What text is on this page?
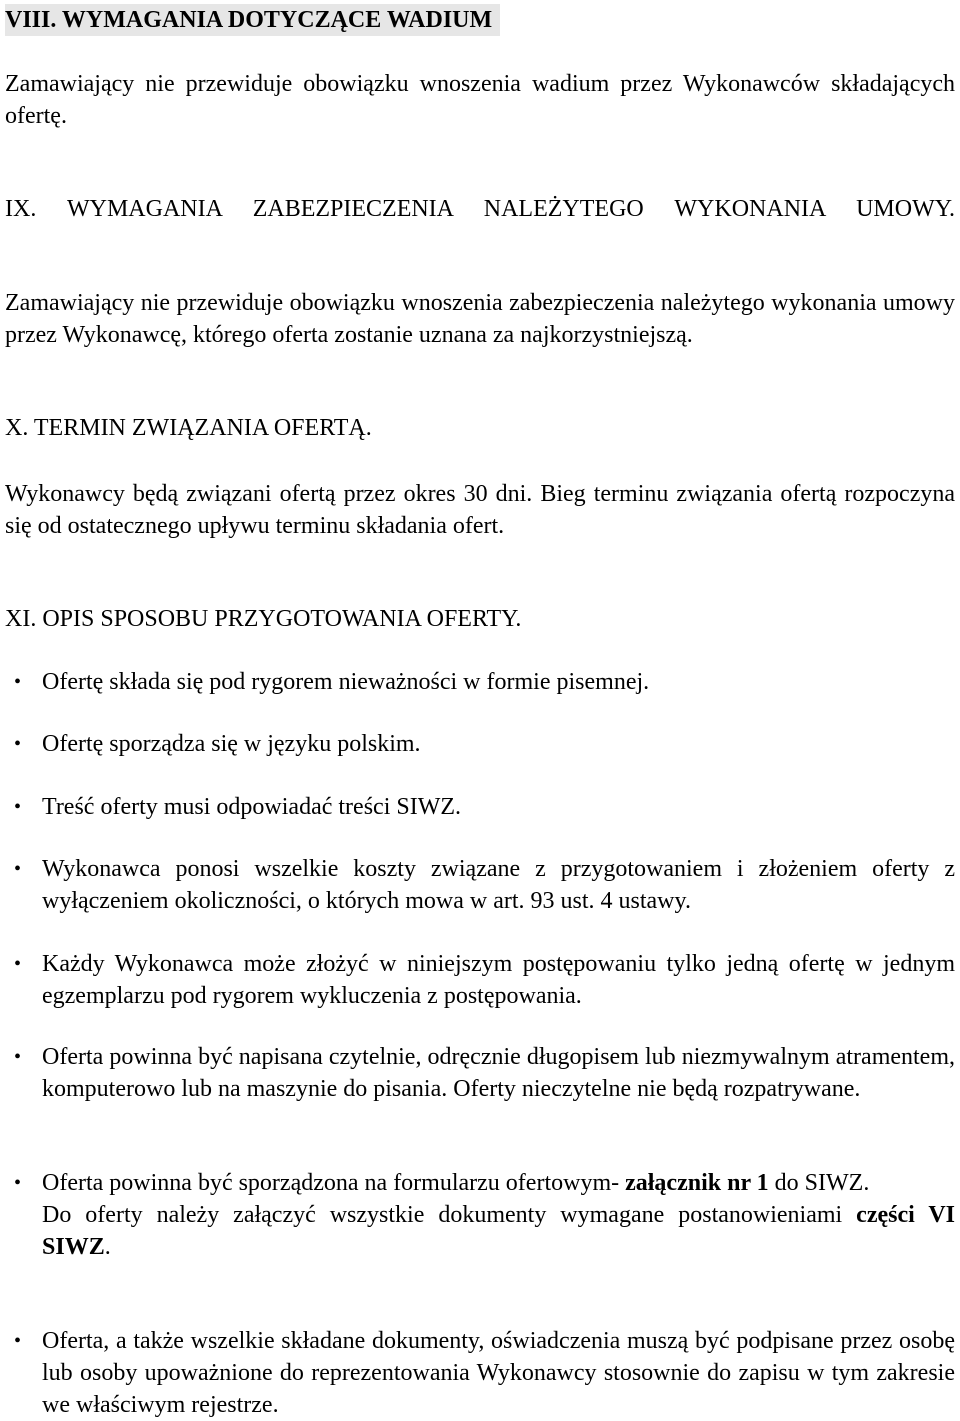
VIII. WYMAGANIA DOTYCZĄCE WADIUM

Zamawiający nie przewiduje obowiązku wnoszenia wadium przez Wykonawców składających ofertę.

IX. WYMAGANIA ZABEZPIECZENIA NALEŻYTEGO WYKONANIA UMOWY.

Zamawiający nie przewiduje obowiązku wnoszenia zabezpieczenia należytego wykonania umowy przez Wykonawcę, którego oferta zostanie uznana za najkorzystniejszą.

X. TERMIN ZWIĄZANIA OFERTĄ.

Wykonawcy będą związani ofertą przez okres 30 dni. Bieg terminu związania ofertą rozpoczyna się od ostatecznego upływu terminu składania ofert.

XI. OPIS SPOSOBU PRZYGOTOWANIA OFERTY.

• Ofertę składa się pod rygorem nieważności w formie pisemnej.

• Ofertę sporządza się w języku polskim.

• Treść oferty musi odpowiadać treści SIWZ.

• Wykonawca ponosi wszelkie koszty związane z przygotowaniem i złożeniem oferty z wyłączeniem okoliczności, o których mowa w art. 93 ust. 4 ustawy.

• Każdy Wykonawca może złożyć w niniejszym postępowaniu tylko jedną ofertę w jednym egzemplarzu pod rygorem wykluczenia z postępowania.

• Oferta powinna być napisana czytelnie, odręcznie długopisem lub niezmywalnym atramentem, komputerowo lub na maszynie do pisania. Oferty nieczytelne nie będą rozpatrywane.

• Oferta powinna być sporządzona na formularzu ofertowym- załącznik nr 1 do SIWZ.
Do oferty należy załączyć wszystkie dokumenty wymagane postanowieniami części VI SIWZ.

• Oferta, a także wszelkie składane dokumenty, oświadczenia muszą być podpisane przez osobę lub osoby upoważnione do reprezentowania Wykonawcy stosownie do zapisu w tym zakresie we właściwym rejestrze.
